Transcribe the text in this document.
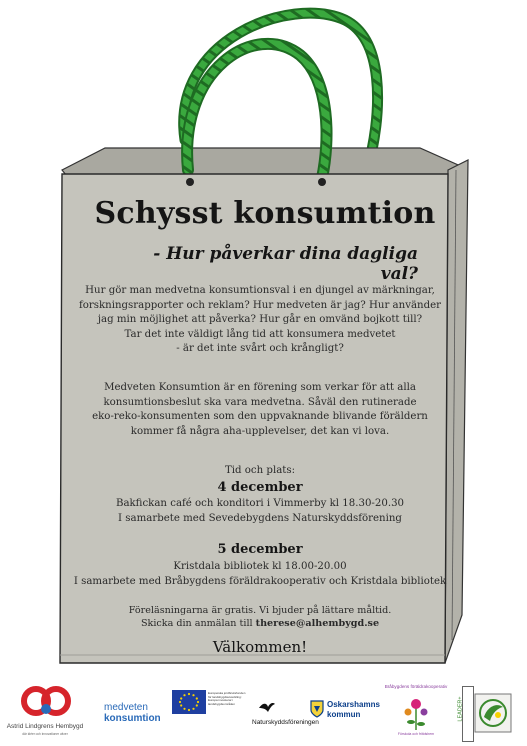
Schysst konsumtion
- Hur påverkar dina dagliga val?
Hur gör man medvetna konsumtionsval i en djungel av märkningar,
forskningsrapporter och reklam? Hur medveten är jag? Hur använder
jag min möjlighet att påverka? Hur går en omvänd bojkott till?
Tar det inte väldigt lång tid att konsumera medvetet
- är det inte svårt och krångligt?
Medveten Konsumtion är en förening som verkar för att alla
konsumtionsbeslut ska vara medvetna. Såväl den rutinerade
eko-reko-konsumenten som den uppvaknande blivande föräldern
kommer få några aha-upplevelser, det kan vi lova.
Tid och plats:
4 december
Bakfickan café och konditori i Vimmerby kl 18.30-20.30
I samarbete med Sevedebygdens Naturskyddsförening
5 december
Kristdala bibliotek kl 18.00-20.00
I samarbete med Bråbygdens föräldrakooperativ och Kristdala bibliotek
Föreläsningarna är gratis. Vi bjuder på lättare måltid.
Skicka din anmälan till therese@alhembygd.se
Välkommen!
Astrid Lindgrens Hembygd
där idéer och innovationer växer
medveten
konsumtion
Europeiska jordbruksfonden för landsbygdsutveckling: Europa investerar i landsbygdsområden
Naturskyddsföreningen
Oskarshamns
kommun
Bråbygdens föräldrakooperativ
Förskola och fritidshem
LEADER+
